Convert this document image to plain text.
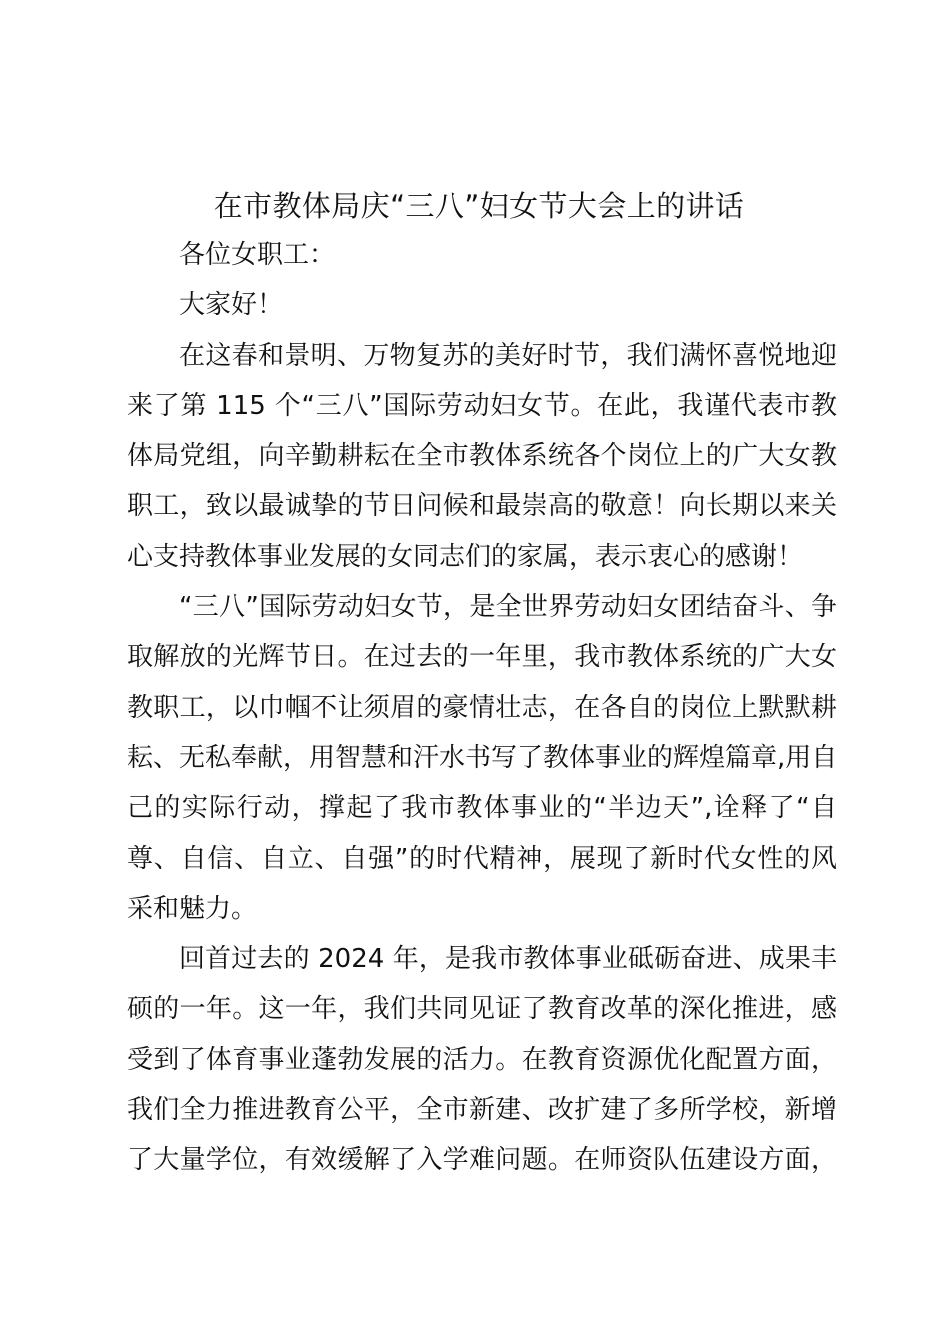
在市教体局庆“三八”妇女节大会上的讲话
各位女职工：
大家好！
在这春和景明、万物复苏的美好时节，我们满怀喜悦地迎
来了第 115 个“三八”国际劳动妇女节。在此，我谨代表市教
体局党组，向辛勤耕耘在全市教体系统各个岗位上的广大女教
职工，致以最诚挚的节日问候和最崇高的敬意！向长期以来关
心支持教体事业发展的女同志们的家属，表示衷心的感谢！
“三八”国际劳动妇女节，是全世界劳动妇女团结奋斗、争
取解放的光辉节日。在过去的一年里，我市教体系统的广大女
教职工，以巾帼不让须眉的豪情壮志，在各自的岗位上默默耕
耘、无私奉献，用智慧和汗水书写了教体事业的辉煌篇章,用自
己的实际行动，撑起了我市教体事业的“半边天”,诠释了“自
尊、自信、自立、自强”的时代精神，展现了新时代女性的风
采和魅力。
回首过去的 2024 年，是我市教体事业砥砺奋进、成果丰
硕的一年。这一年，我们共同见证了教育改革的深化推进，感
受到了体育事业蓬勃发展的活力。在教育资源优化配置方面，
我们全力推进教育公平，全市新建、改扩建了多所学校，新增
了大量学位，有效缓解了入学难问题。在师资队伍建设方面，
